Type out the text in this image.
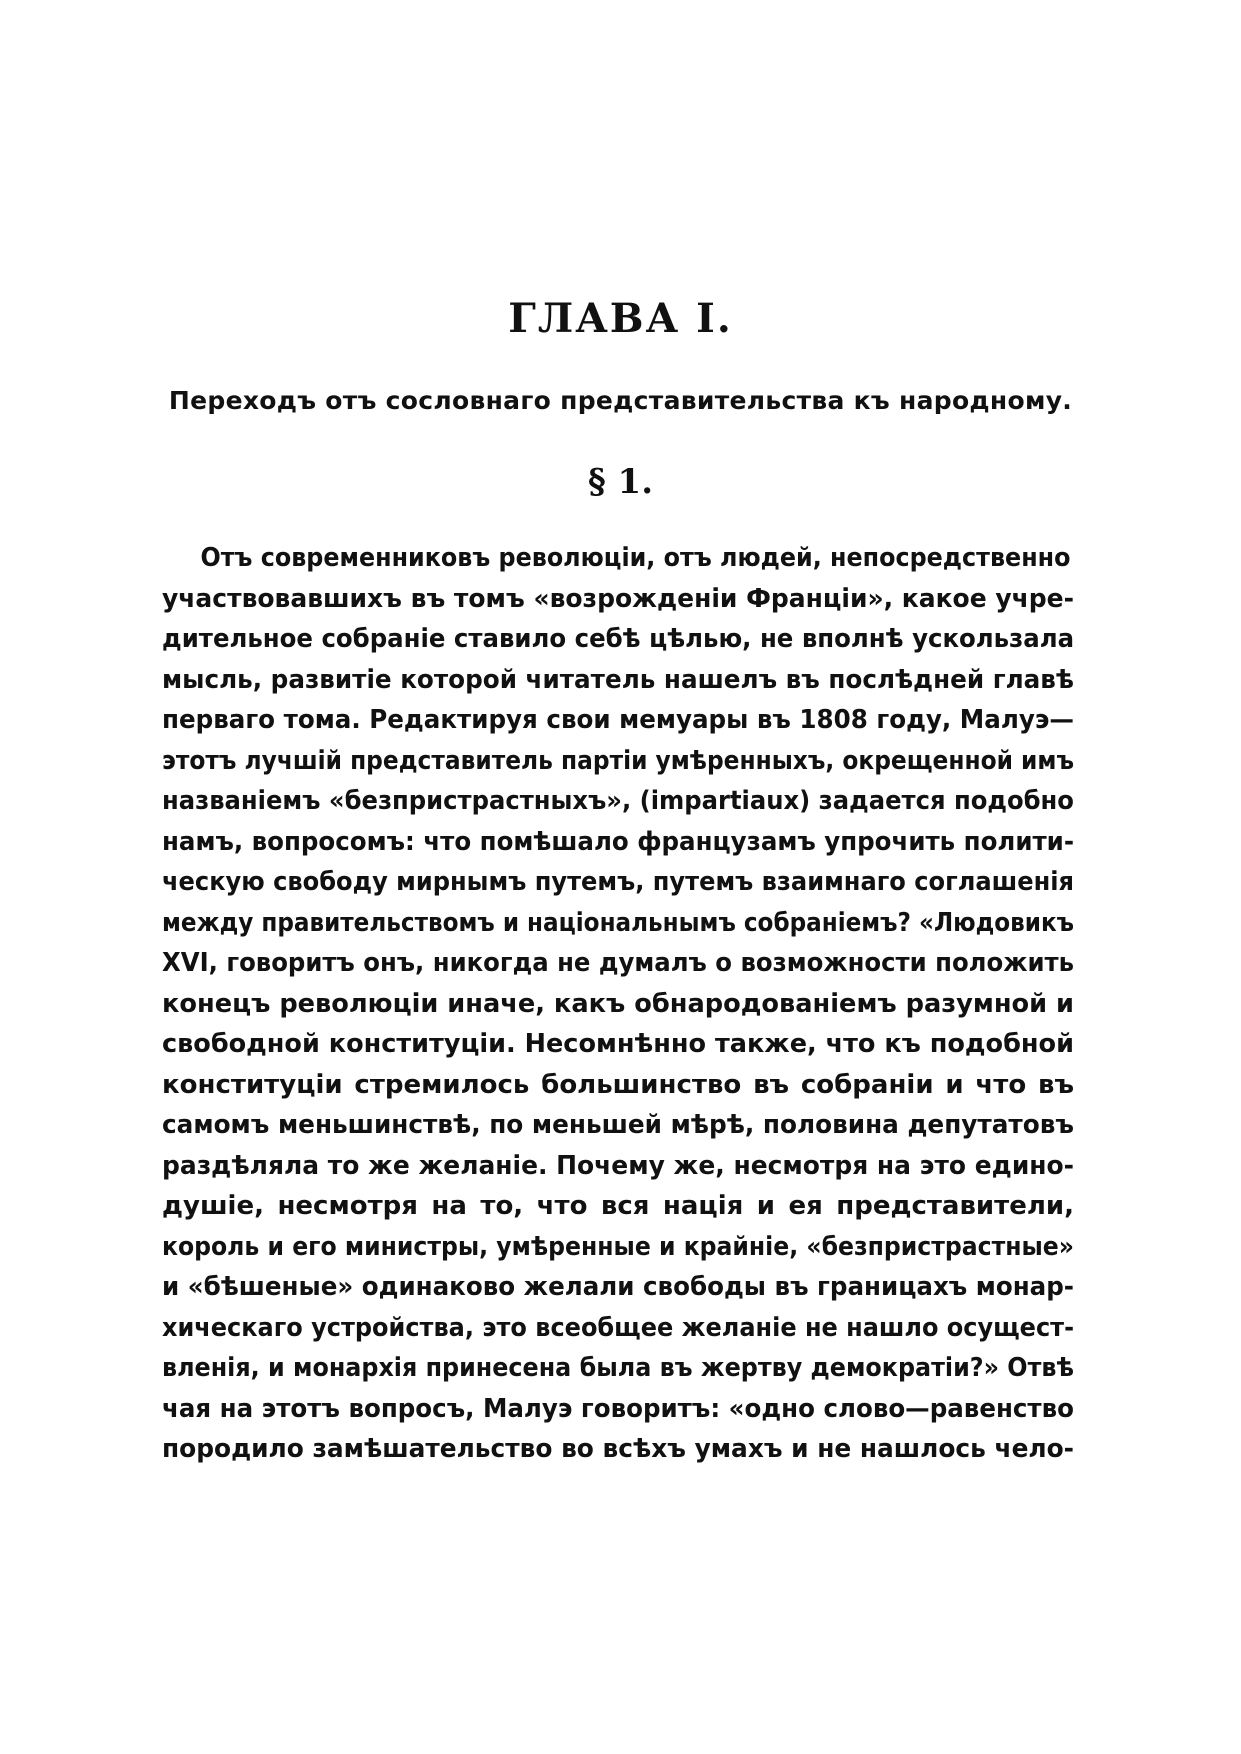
ГЛАВА I.
Переходъ отъ сословнаго представительства къ народному.
§ 1.
Отъ современниковъ революціи, отъ людей, непосредственно
участвовавшихъ въ томъ «возрожденіи Франціи», какое учре-
дительное собраніе ставило себѣ цѣлью, не вполнѣ ускользала
мысль, развитіе которой читатель нашелъ въ послѣдней главѣ
перваго тома. Редактируя свои мемуары въ 1808 году, Малуэ—
этотъ лучшій представитель партіи умѣренныхъ, окрещенной имъ
названіемъ «безпристрастныхъ», (impartiaux) задается подобно
намъ, вопросомъ: что помѣшало французамъ упрочить полити-
ческую свободу мирнымъ путемъ, путемъ взаимнаго соглашенія
между правительствомъ и національнымъ собраніемъ? «Людовикъ
XVI, говоритъ онъ, никогда не думалъ о возможности положить
конецъ революціи иначе, какъ обнародованіемъ разумной и
свободной конституціи. Несомнѣнно также, что къ подобной
конституціи стремилось большинство въ собраніи и что въ
самомъ меньшинствѣ, по меньшей мѣрѣ, половина депутатовъ
раздѣляла то же желаніе. Почему же, несмотря на это едино-
душіе, несмотря на то, что вся нація и ея представители,
король и его министры, умѣренные и крайніе, «безпристрастные»
и «бѣшеные» одинаково желали свободы въ границахъ монар-
хическаго устройства, это всеобщее желаніе не нашло осущест-
вленія, и монархія принесена была въ жертву демократіи?» Отвѣ
чая на этотъ вопросъ, Малуэ говоритъ: «одно слово—равенство
породило замѣшательство во всѣхъ умахъ и не нашлось чело-
